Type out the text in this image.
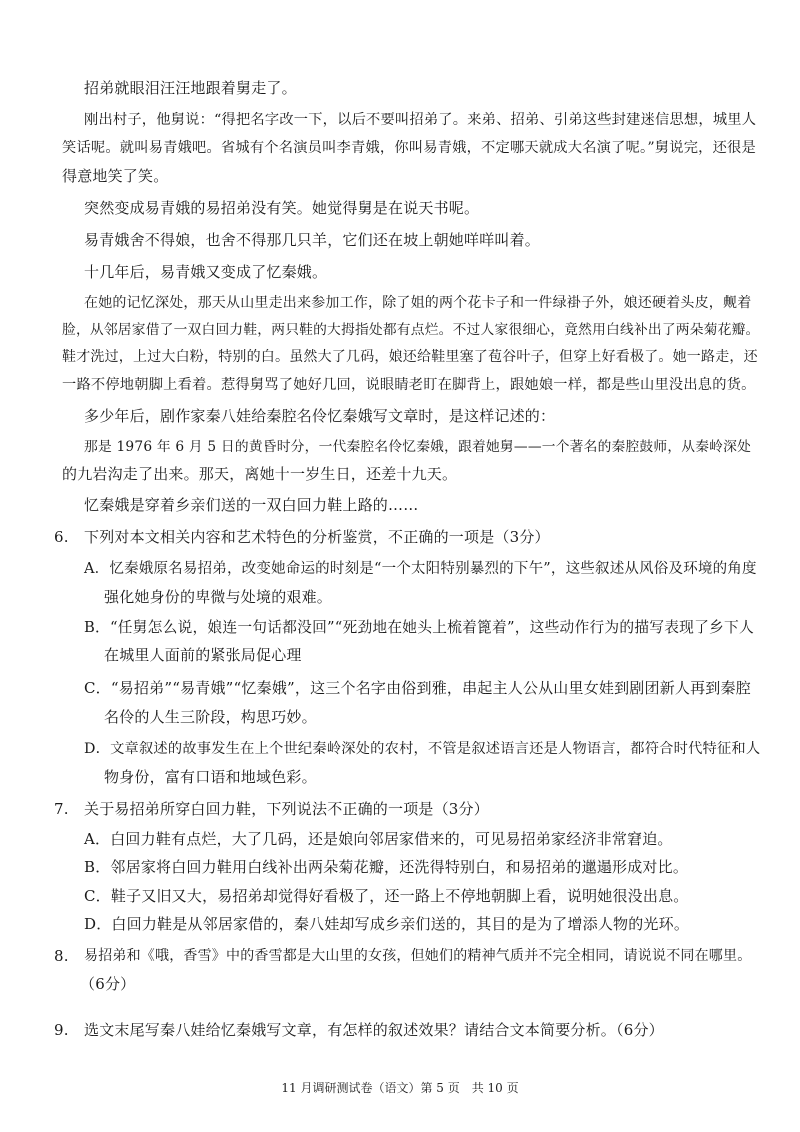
招弟就眼泪汪汪地跟着舅走了。
刚出村子，他舅说：“得把名字改一下，以后不要叫招弟了。来弟、招弟、引弟这些封建迷信思想，城里人
笑话呢。就叫易青娥吧。省城有个名演员叫李青娥，你叫易青娥，不定哪天就成大名演了呢。”舅说完，还很是
得意地笑了笑。
突然变成易青娥的易招弟没有笑。她觉得舅是在说天书呢。
易青娥舍不得娘，也舍不得那几只羊，它们还在坡上朝她咩咩叫着。
十几年后，易青娥又变成了忆秦娥。
在她的记忆深处，那天从山里走出来参加工作，除了姐的两个花卡子和一件绿褂子外，娘还硬着头皮，觍着
脸，从邻居家借了一双白回力鞋，两只鞋的大拇指处都有点烂。不过人家很细心，竟然用白线补出了两朵菊花瓣。
鞋才洗过，上过大白粉，特别的白。虽然大了几码，娘还给鞋里塞了苞谷叶子，但穿上好看极了。她一路走，还
一路不停地朝脚上看着。惹得舅骂了她好几回，说眼睛老盯在脚背上，跟她娘一样，都是些山里没出息的货。
多少年后，剧作家秦八娃给秦腔名伶忆秦娥写文章时，是这样记述的：
那是 1976 年 6 月 5 日的黄昏时分，一代秦腔名伶忆秦娥，跟着她舅——一个著名的秦腔鼓师，从秦岭深处
的九岩沟走了出来。那天，离她十一岁生日，还差十九天。
忆秦娥是穿着乡亲们送的一双白回力鞋上路的……
6. 下列对本文相关内容和艺术特色的分析鉴赏，不正确的一项是（3分）
A．忆秦娥原名易招弟，改变她命运的时刻是“一个太阳特别暴烈的下午”，这些叙述从风俗及环境的角度
强化她身份的卑微与处境的艰难。
B．“任舅怎么说，娘连一句话都没回”“死劲地在她头上梳着篦着”，这些动作行为的描写表现了乡下人
在城里人面前的紧张局促心理
C．“易招弟”“易青娥”“忆秦娥”，这三个名字由俗到雅，串起主人公从山里女娃到剧团新人再到秦腔
名伶的人生三阶段，构思巧妙。
D．文章叙述的故事发生在上个世纪秦岭深处的农村，不管是叙述语言还是人物语言，都符合时代特征和人
物身份，富有口语和地域色彩。
7. 关于易招弟所穿白回力鞋，下列说法不正确的一项是（3分）
A．白回力鞋有点烂，大了几码，还是娘向邻居家借来的，可见易招弟家经济非常窘迫。
B．邻居家将白回力鞋用白线补出两朵菊花瓣，还洗得特别白，和易招弟的邋遢形成对比。
C．鞋子又旧又大，易招弟却觉得好看极了，还一路上不停地朝脚上看，说明她很没出息。
D．白回力鞋是从邻居家借的，秦八娃却写成乡亲们送的，其目的是为了增添人物的光环。
8. 易招弟和《哦，香雪》中的香雪都是大山里的女孩，但她们的精神气质并不完全相同，请说说不同在哪里。
（6分）
9. 选文末尾写秦八娃给忆秦娥写文章，有怎样的叙述效果？请结合文本简要分析。（6分）
11 月调研测试卷（语文）第 5 页　共 10 页
